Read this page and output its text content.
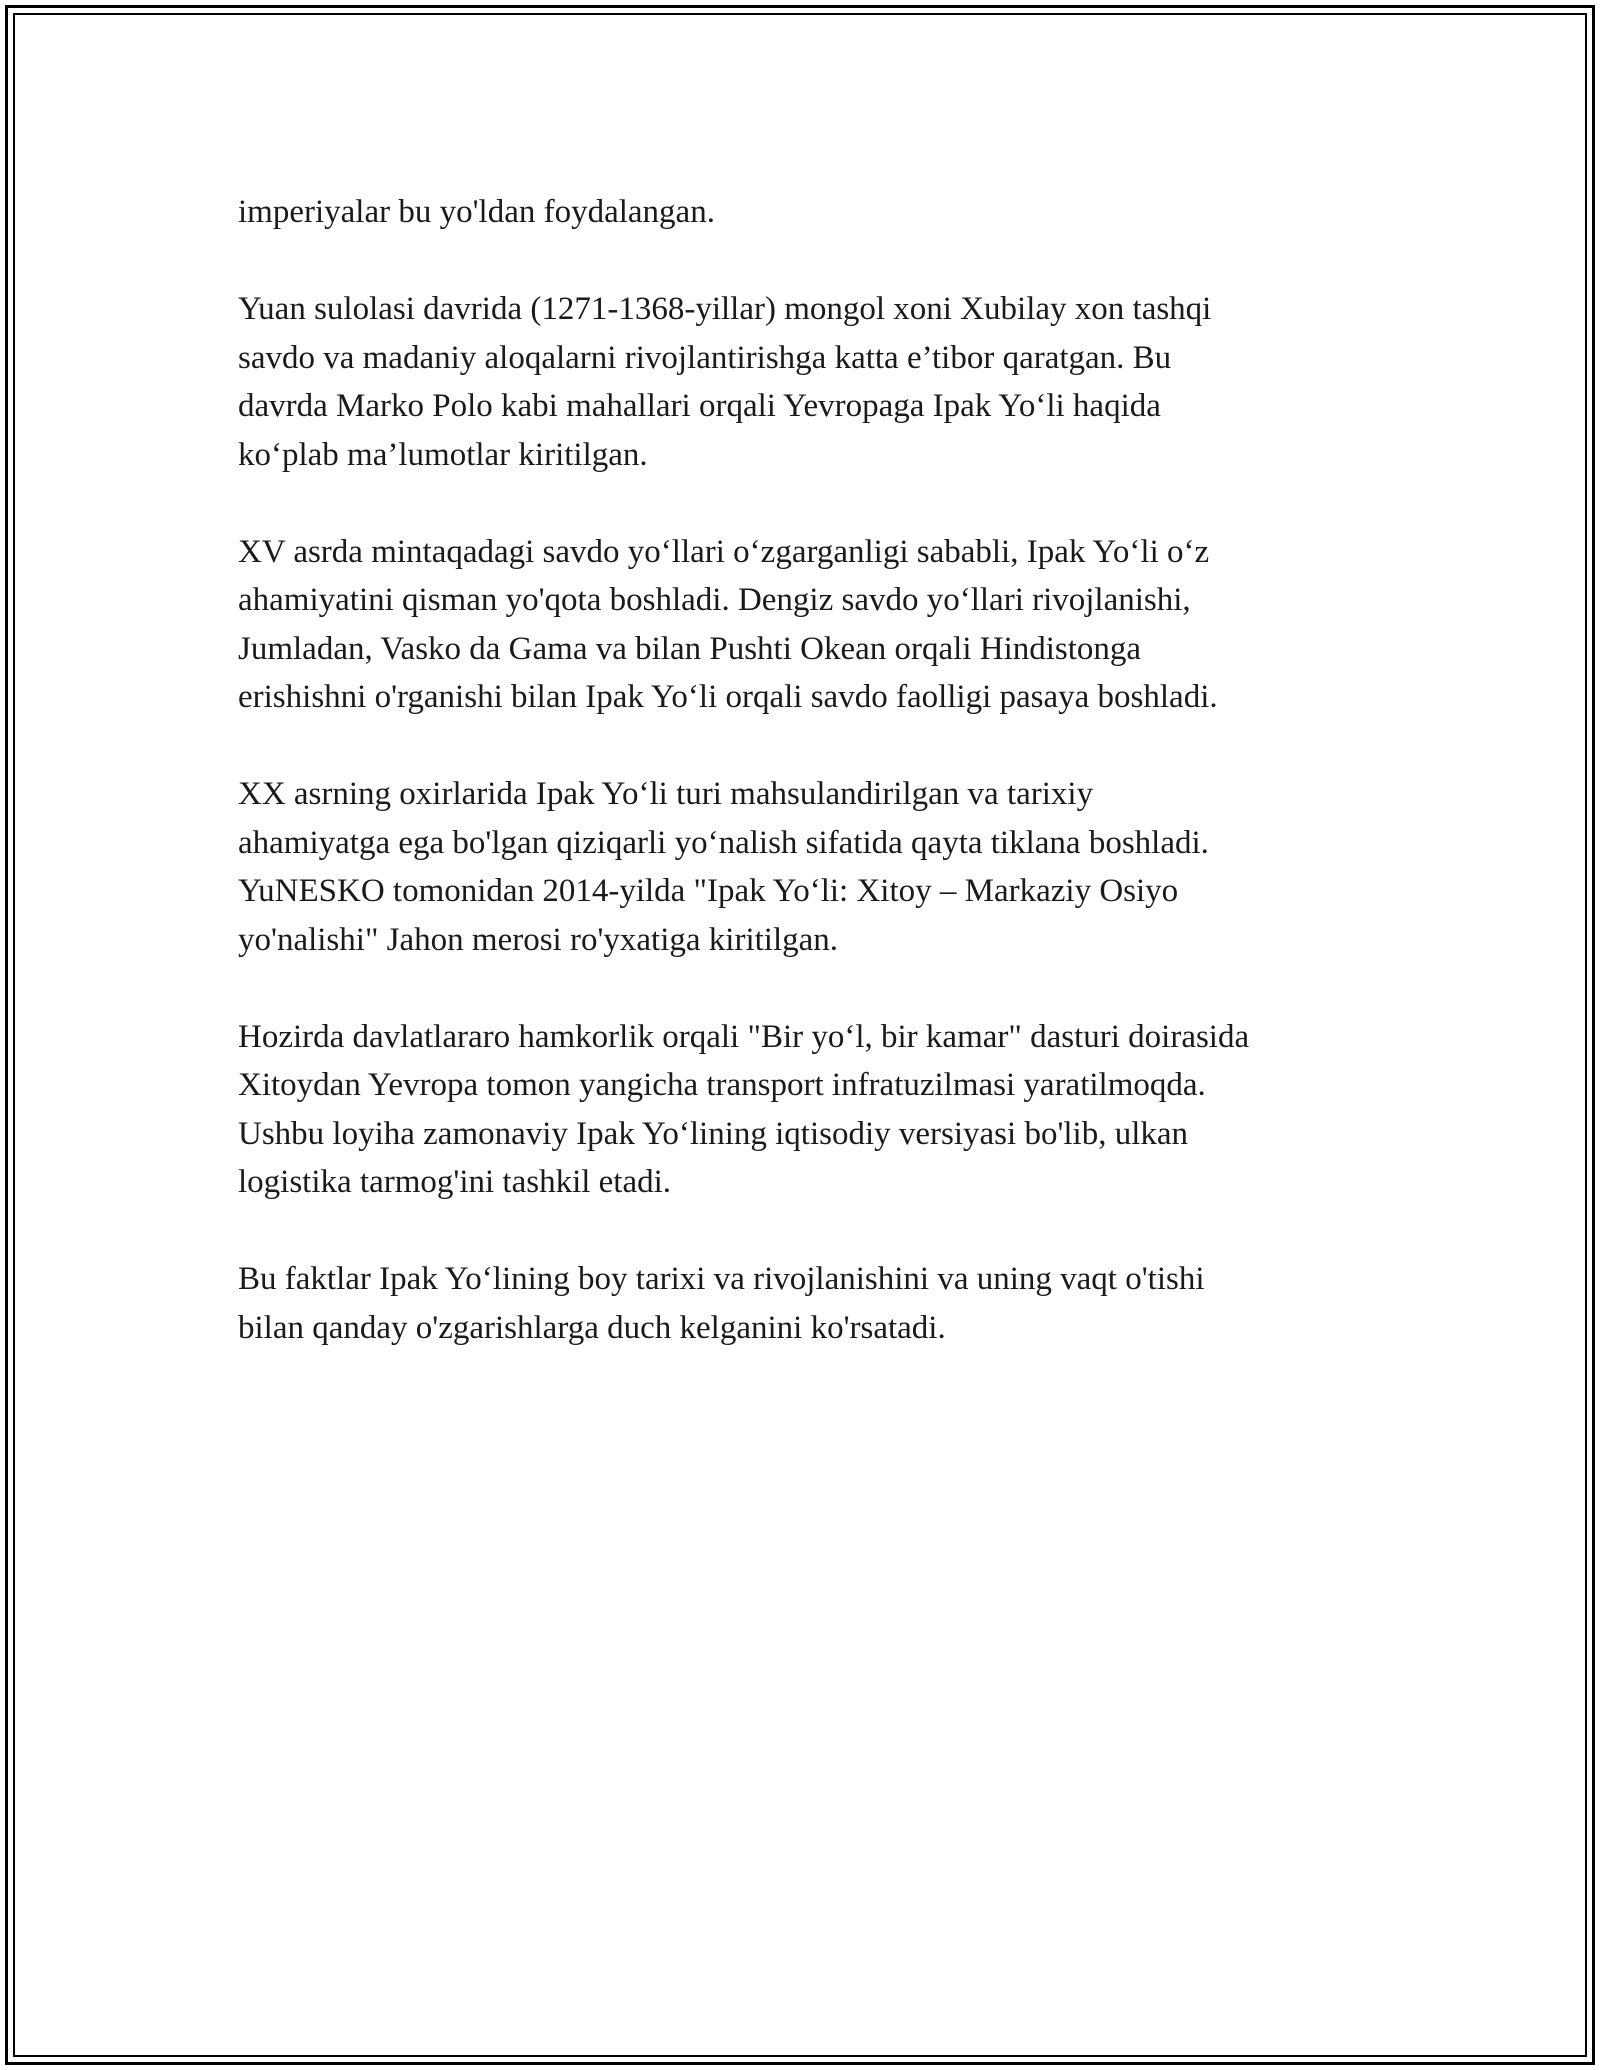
imperiyalar bu yo'ldan foydalangan.

Yuan sulolasi davrida (1271-1368-yillar) mongol xoni Xubilay xon tashqi
savdo va madaniy aloqalarni rivojlantirishga katta e’tibor qaratgan. Bu
davrda Marko Polo kabi mahallari orqali Yevropaga Ipak Yoʻli haqida
koʻplab ma’lumotlar kiritilgan.

XV asrda mintaqadagi savdo yoʻllari oʻzgarganligi sababli, Ipak Yoʻli oʻz
ahamiyatini qisman yo'qota boshladi. Dengiz savdo yoʻllari rivojlanishi,
Jumladan, Vasko da Gama va bilan Pushti Okean orqali Hindistonga
erishishni o'rganishi bilan Ipak Yoʻli orqali savdo faolligi pasaya boshladi.

XX asrning oxirlarida Ipak Yoʻli turi mahsulandirilgan va tarixiy
ahamiyatga ega bo'lgan qiziqarli yoʻnalish sifatida qayta tiklana boshladi.
YuNESKO tomonidan 2014-yilda "Ipak Yoʻli: Xitoy – Markaziy Osiyo
yo'nalishi" Jahon merosi ro'yxatiga kiritilgan.

Hozirda davlatlararo hamkorlik orqali "Bir yoʻl, bir kamar" dasturi doirasida
Xitoydan Yevropa tomon yangicha transport infratuzilmasi yaratilmoqda.
Ushbu loyiha zamonaviy Ipak Yoʻlining iqtisodiy versiyasi bo'lib, ulkan
logistika tarmog'ini tashkil etadi.

Bu faktlar Ipak Yoʻlining boy tarixi va rivojlanishini va uning vaqt o'tishi
bilan qanday o'zgarishlarga duch kelganini ko'rsatadi.
